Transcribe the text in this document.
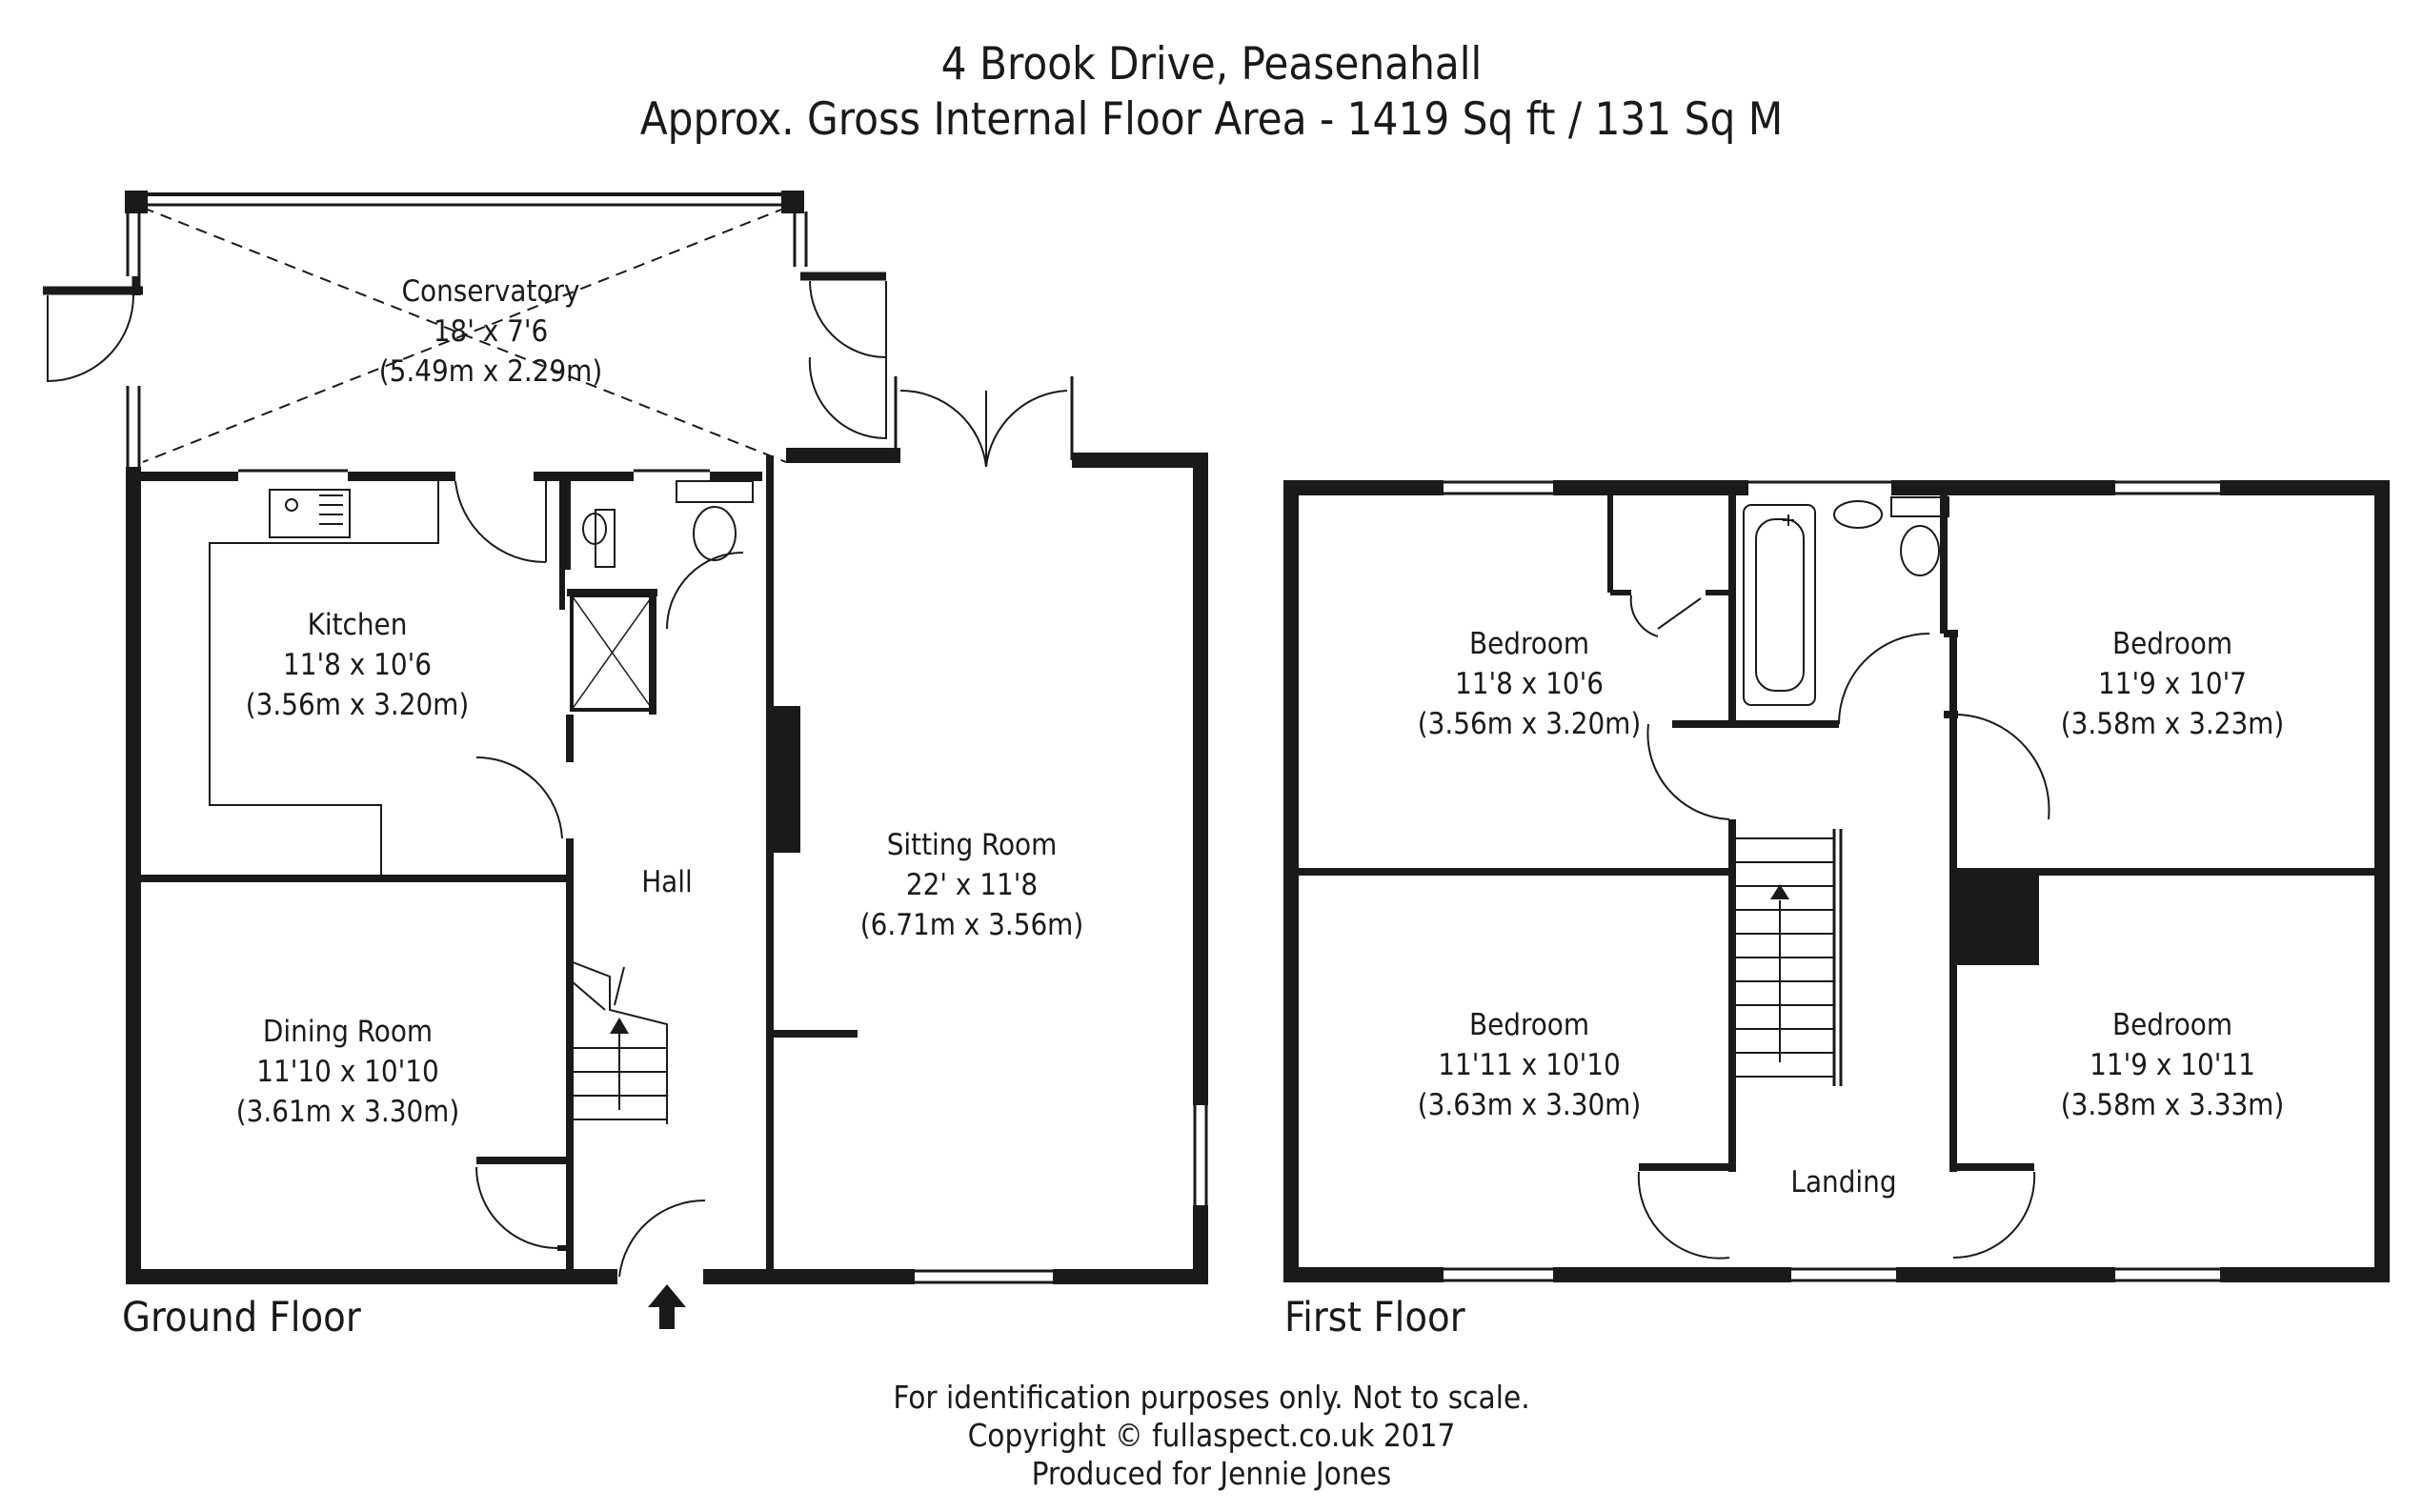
4 Brook Drive, Peasenahall
Approx. Gross Internal Floor Area - 1419 Sq ft / 131 Sq M
Conservatory
18' x 7'6
(5.49m x 2.29m)
Kitchen
11'8 x 10'6
(3.56m x 3.20m)
Hall
Sitting Room
22' x 11'8
(6.71m x 3.56m)
Dining Room
11'10 x 10'10
(3.61m x 3.30m)
Bedroom
11'8 x 10'6
(3.56m x 3.20m)
Bedroom
11'9 x 10'7
(3.58m x 3.23m)
Bedroom
11'11 x 10'10
(3.63m x 3.30m)
Bedroom
11'9 x 10'11
(3.58m x 3.33m)
Landing
Ground Floor	First Floor
For identification purposes only. Not to scale.
Copyright © fullaspect.co.uk 2017
Produced for Jennie Jones
